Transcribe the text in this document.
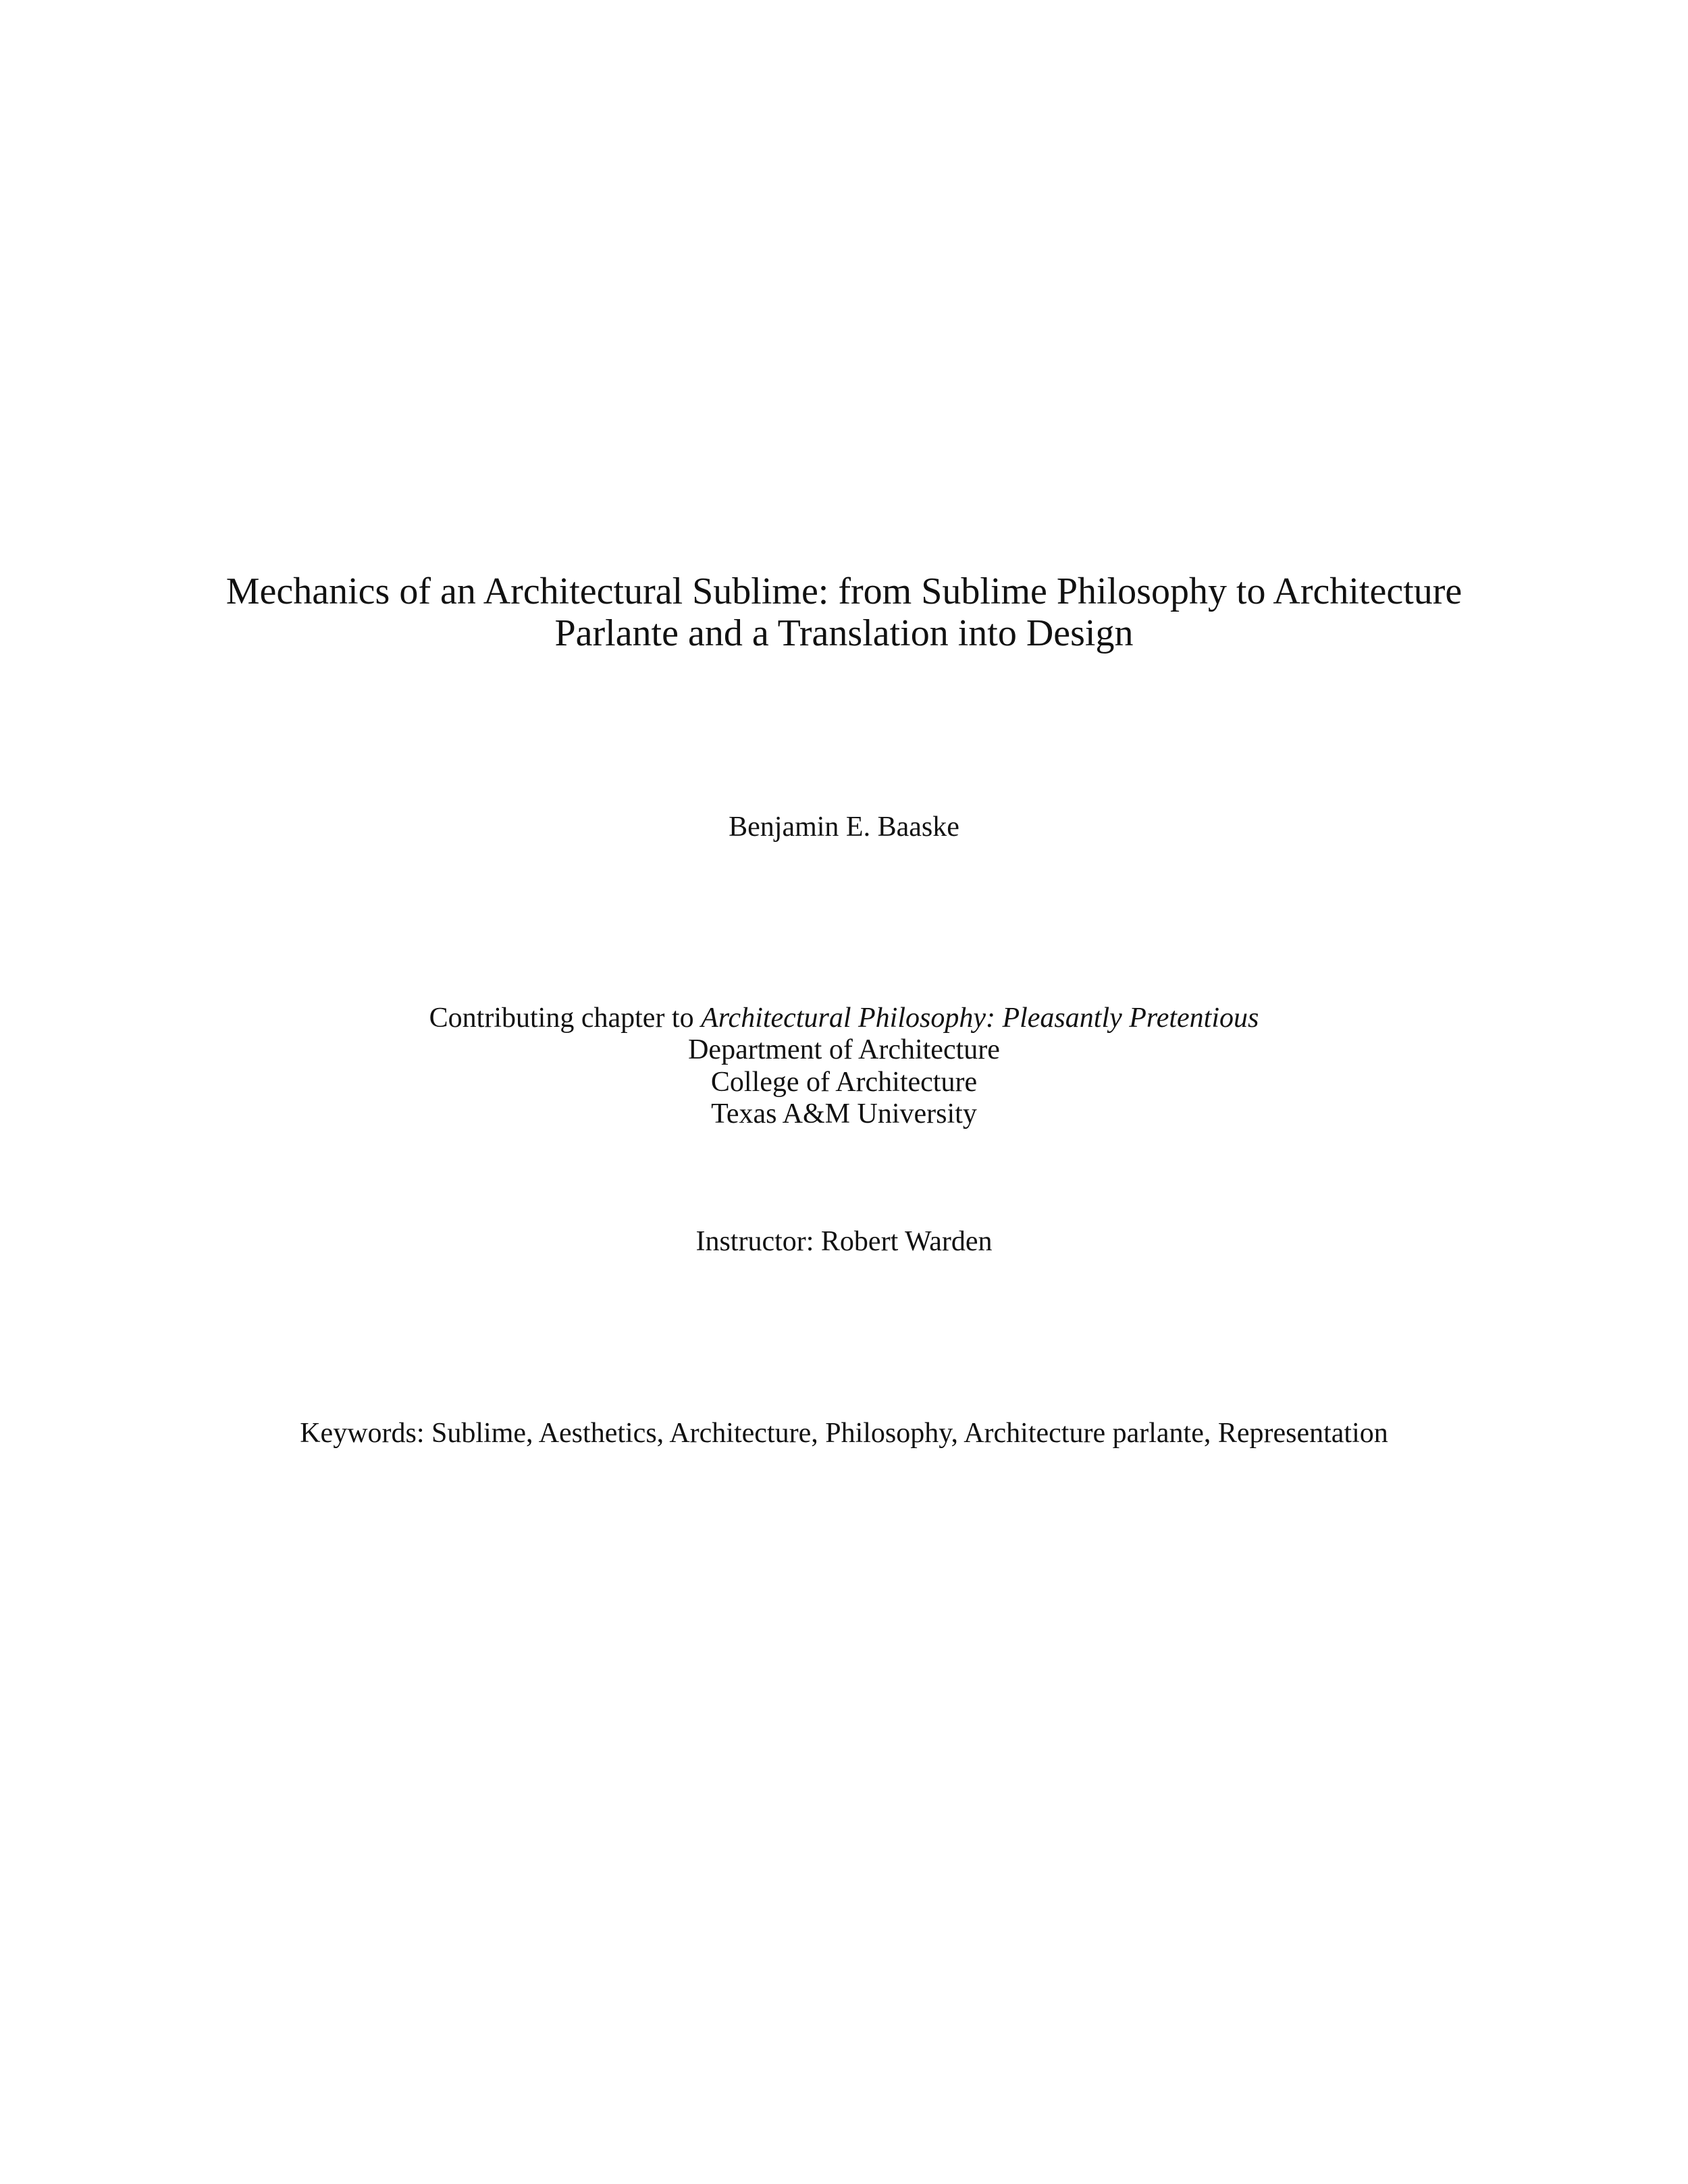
Mechanics of an Architectural Sublime: from Sublime Philosophy to Architecture
Parlante and a Translation into Design
Benjamin E. Baaske
Contributing chapter to Architectural Philosophy: Pleasantly Pretentious
Department of Architecture
College of Architecture
Texas A&M University
Instructor: Robert Warden
Keywords: Sublime, Aesthetics, Architecture, Philosophy, Architecture parlante, Representation
